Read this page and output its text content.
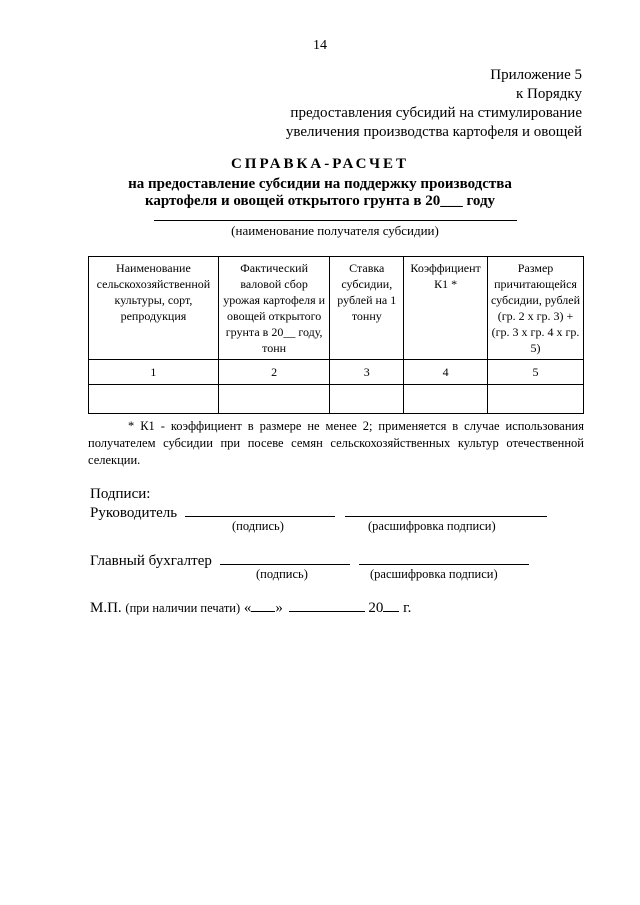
14
Приложение 5
к Порядку
предоставления субсидий на стимулирование
увеличения производства картофеля и овощей
СПРАВКА-РАСЧЕТ
на предоставление субсидии на поддержку производства
картофеля и овощей открытого грунта в 20___ году
(наименование получателя субсидии)
Наименование сельскохозяйственной культуры, сорт, репродукция	Фактический валовой сбор урожая картофеля и овощей открытого грунта в 20__ году, тонн	Ставка субсидии, рублей на 1 тонну	Коэффициент К1 *	Размер причитающейся субсидии, рублей (гр. 2 х гр. 3) + (гр. 3 х гр. 4 х гр. 5)
1	2	3	4	5

* К1 - коэффициент в размере не менее 2; применяется в случае использования получателем субсидии при посеве семян сельскохозяйственных культур отечественной селекции.
Подписи:
Руководитель
(подпись)	(расшифровка подписи)
Главный бухгалтер
(подпись)	(расшифровка подписи)
М.П. (при наличии печати) « »	20 г.
